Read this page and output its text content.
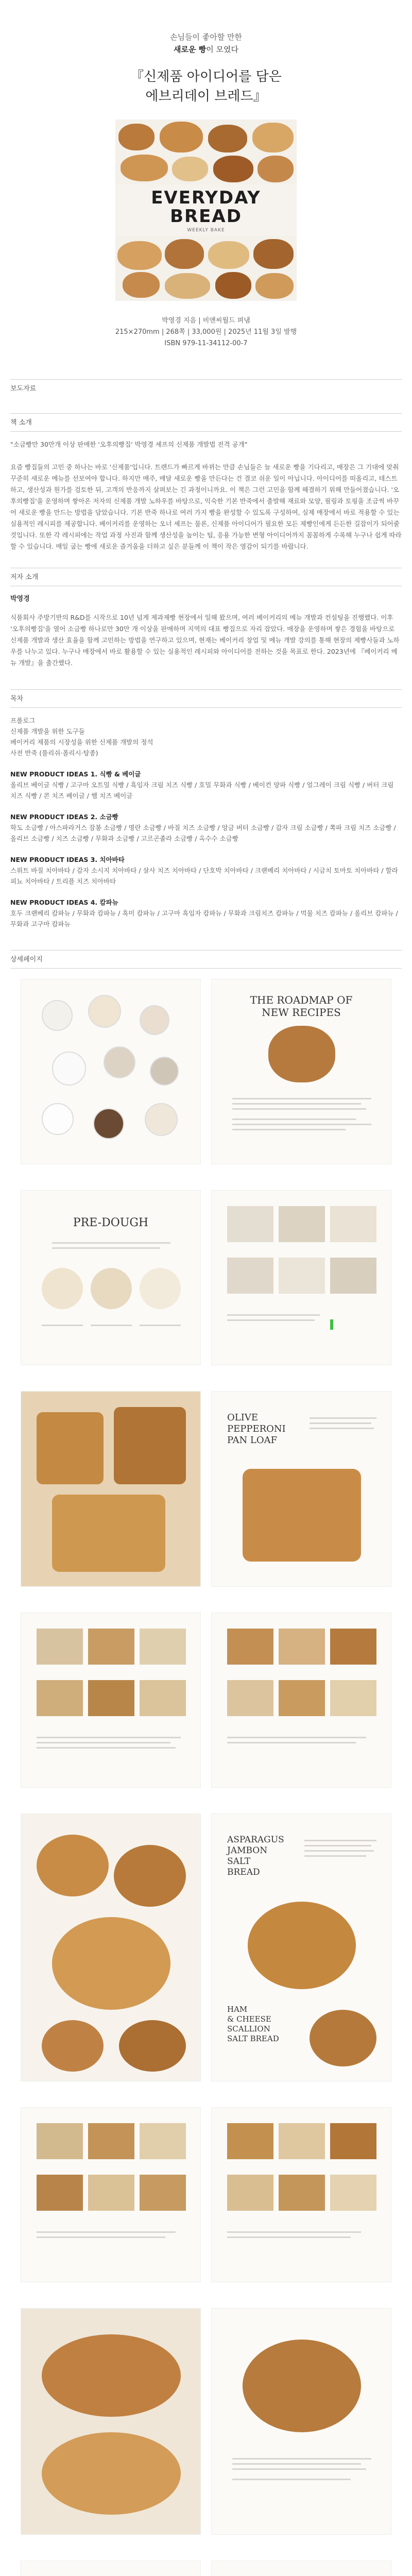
손님들이 좋아할 만한
새로운 빵이 모였다
『신제품 아이디어를 담은
에브리데이 브레드』
EVERYDAY
BREAD
WEEKLY BAKE
박영경 지음 | 비앤씨월드 펴냄
215×270mm | 268쪽 | 33,000원 | 2025년 11월 3일 발행
ISBN 979-11-34112-00-7
보도자료
책 소개
"소금빵만 30만개 이상 판매한 '오후의빵집' 박영경 셰프의 신제품 개발법 전격 공개"
요즘 빵집들의 고민 중 하나는 바로 '신제품'입니다. 트렌드가 빠르게 바뀌는 만큼 손님들은 늘 새로운 빵을 기다리고, 매장은 그 기대에 맞춰 꾸준히 새로운 메뉴를 선보여야 합니다. 하지만 매주, 매달 새로운 빵을 만든다는 건 결코 쉬운 일이 아닙니다. 아이디어를 떠올리고, 테스트하고, 생산성과 원가를 검토한 뒤, 고객의 반응까지 살펴보는 긴 과정이니까요. 이 책은 그런 고민을 함께 해결하기 위해 만들어졌습니다. '오후의빵집'을 운영하며 쌓아온 저자의 신제품 개발 노하우를 바탕으로, 익숙한 기본 반죽에서 출발해 재료와 모양, 필링과 토핑을 조금씩 바꾸어 새로운 빵을 만드는 방법을 담았습니다. 기본 반죽 하나로 여러 가지 빵을 완성할 수 있도록 구성하여, 실제 매장에서 바로 적용할 수 있는 실용적인 레시피를 제공합니다. 베이커리를 운영하는 오너 셰프는 물론, 신제품 아이디어가 필요한 모든 제빵인에게 든든한 길잡이가 되어줄 것입니다. 또한 각 레시피에는 작업 과정 사진과 함께 생산성을 높이는 팁, 응용 가능한 변형 아이디어까지 꼼꼼하게 수록해 누구나 쉽게 따라할 수 있습니다. 매일 굽는 빵에 새로운 즐거움을 더하고 싶은 분들께 이 책이 작은 영감이 되기를 바랍니다.
저자 소개
박영경
식품회사 주방기반의 R&D를 시작으로 10년 넘게 제과제빵 현장에서 일해 왔으며, 여러 베이커리의 메뉴 개발과 컨설팅을 진행했다. 이후 '오후의빵집'을 열어 소금빵 하나로만 30만 개 이상을 판매하며 지역의 대표 빵집으로 자리 잡았다. 매장을 운영하며 쌓은 경험을 바탕으로 신제품 개발과 생산 효율을 함께 고민하는 방법을 연구하고 있으며, 현재는 베이커리 창업 및 메뉴 개발 강의를 통해 현장의 제빵사들과 노하우를 나누고 있다. 누구나 매장에서 바로 활용할 수 있는 실용적인 레시피와 아이디어를 전하는 것을 목표로 한다. 2023년에 『베이커리 메뉴 개발』을 출간했다.
목차
프롤로그
신제품 개발을 위한 도구들
베이커리 제품의 시장성을 위한 신제품 개발의 정석
사전 반죽 (풀리쉬·폴리시·탕종)
NEW PRODUCT IDEAS 1. 식빵 & 베이글
올리브 베이글 식빵 / 고구마 오트밀 식빵 / 흑임자 크림 치즈 식빵 / 호밀 무화과 식빵 / 베이컨 양파 식빵 / 얼그레이 크림 식빵 / 버터 크림 치즈 식빵 / 콘 치즈 베이글 / 햄 치즈 베이글
NEW PRODUCT IDEAS 2. 소금빵
학도 소금빵 / 아스파라거스 잠봉 소금빵 / 명란 소금빵 / 바질 치즈 소금빵 / 앙금 버터 소금빵 / 감자 크림 소금빵 / 쪽파 크림 치즈 소금빵 / 올리브 소금빵 / 치즈 소금빵 / 무화과 소금빵 / 고르곤졸라 소금빵 / 옥수수 소금빵
NEW PRODUCT IDEAS 3. 치아바타
스위트 바질 치아바타 / 감자 소시지 치아바타 / 살사 치즈 치아바타 / 단호박 치아바타 / 크랜베리 치아바타 / 시금치 토마토 치아바타 / 할라피뇨 치아바타 / 트리플 치즈 치아바타
NEW PRODUCT IDEAS 4. 캄파뉴
호두 크랜베리 캄파뉴 / 무화과 캄파뉴 / 흑미 캄파뉴 / 고구마 흑임자 캄파뉴 / 무화과 크림치즈 캄파뉴 / 먹물 치즈 캄파뉴 / 올리브 캄파뉴 / 무화과 고구마 캄파뉴
상세페이지
THE ROADMAP OF
NEW RECIPES
PRE-DOUGH
OLIVE
PEPPERONI
PAN LOAF
ASPARAGUS
JAMBON
SALT
BREAD
HAM
& CHEESE
SCALLION
SALT BREAD
